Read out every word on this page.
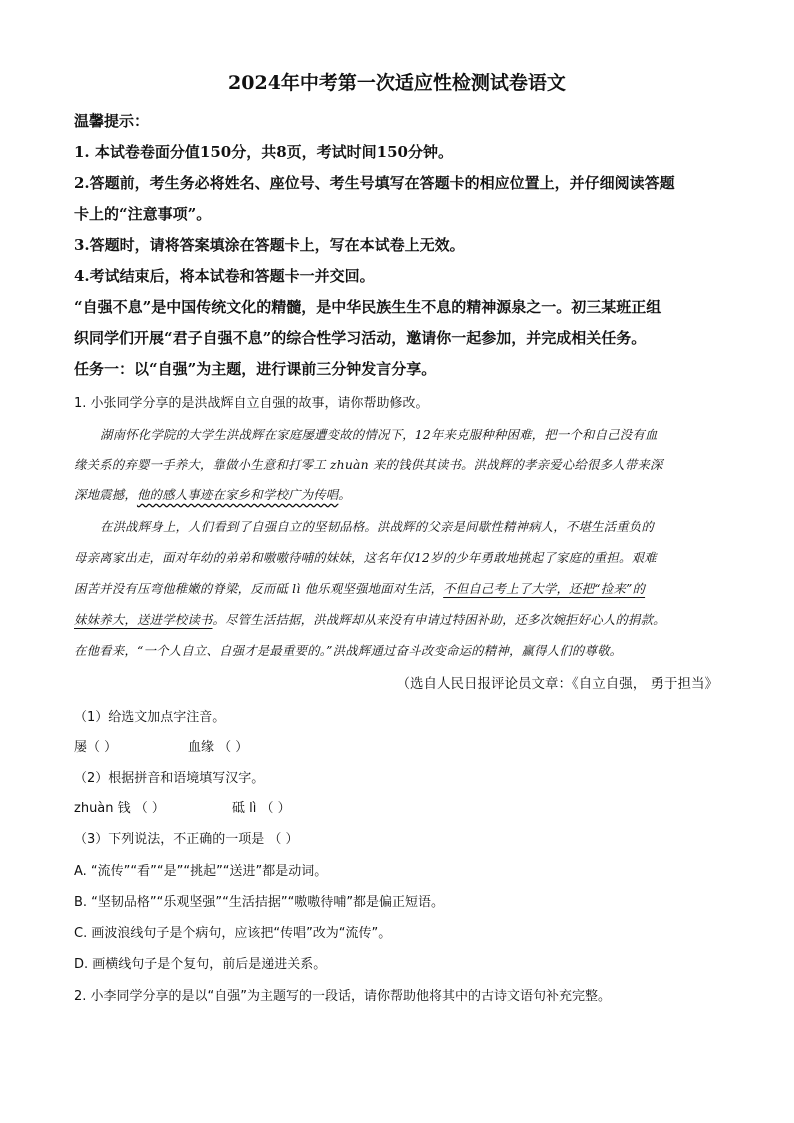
2024年中考第一次适应性检测试卷语文
温馨提示：
1. 本试卷卷面分值150分，共8页，考试时间150分钟。
2.答题前，考生务必将姓名、座位号、考生号填写在答题卡的相应位置上，并仔细阅读答题
卡上的“注意事项”。
3.答题时，请将答案填涂在答题卡上，写在本试卷上无效。
4.考试结束后，将本试卷和答题卡一并交回。
“自强不息”是中国传统文化的精髓，是中华民族生生不息的精神源泉之一。初三某班正组
织同学们开展“君子自强不息”的综合性学习活动，邀请你一起参加，并完成相关任务。
任务一：以“自强”为主题，进行课前三分钟发言分享。
1. 小张同学分享的是洪战辉自立自强的故事，请你帮助修改。
湖南怀化学院的大学生洪战辉在家庭屡遭变故的情况下，12年来克服种种困难，把一个和自己没有血
缘关系的弃婴一手养大，靠做小生意和打零工 zhuàn 来的钱供其读书。洪战辉的孝亲爱心给很多人带来深
深地震撼，他的感人事迹在家乡和学校广为传唱。
在洪战辉身上，人们看到了自强自立的坚韧品格。洪战辉的父亲是间歇性精神病人，不堪生活重负的
母亲离家出走，面对年幼的弟弟和嗷嗷待哺的妹妹，这名年仅12岁的少年勇敢地挑起了家庭的重担。艰难
困苦并没有压弯他稚嫩的脊梁，反而砥 lì 他乐观坚强地面对生活，不但自己考上了大学，还把“捡来”的
妹妹养大，送进学校读书。尽管生活拮据，洪战辉却从来没有申请过特困补助，还多次婉拒好心人的捐款。
在他看来，“一个人自立、自强才是最重要的。”洪战辉通过奋斗改变命运的精神，赢得人们的尊敬。
（选自人民日报评论员文章：《自立自强， 勇于担当》
（1）给选文加点字注音。
屡（ ）	血缘 （ ）
（2）根据拼音和语境填写汉字。
zhuàn 钱 （ ）	砥 lì （ ）
（3）下列说法，不正确的一项是 （ ）
A. “流传”“看”“是”“挑起”“送进”都是动词。
B. “坚韧品格”“乐观坚强”“生活拮据”“嗷嗷待哺”都是偏正短语。
C. 画波浪线句子是个病句，应该把“传唱”改为“流传”。
D. 画横线句子是个复句，前后是递进关系。
2. 小李同学分享的是以“自强”为主题写的一段话，请你帮助他将其中的古诗文语句补充完整。
